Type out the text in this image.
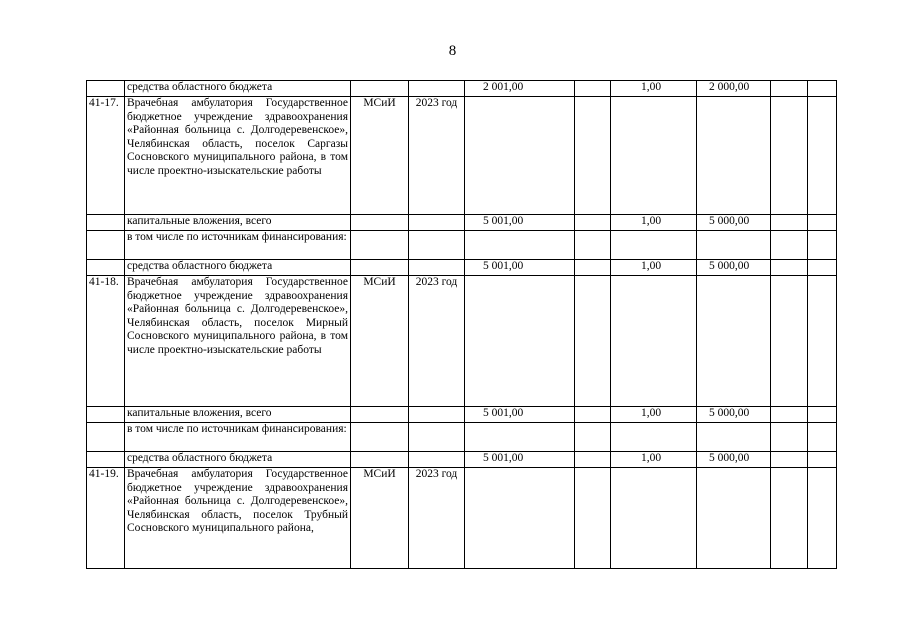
8
	средства областного бюджета			2 001,00		1,00	2 000,00		
41-17.	Врачебная амбулатория Государственное бюджетное учреждение здравоохранения «Районная больница с. Долгодеревенское», Челябинская область, поселок Саргазы Сосновского муниципального района, в том числе проектно-изыскательские работы	МСиИ	2023 год						
	капитальные вложения, всего			5 001,00		1,00	5 000,00		
	в том числе по источникам финансирования:								
	средства областного бюджета			5 001,00		1,00	5 000,00		
41-18.	Врачебная амбулатория Государственное бюджетное учреждение здравоохранения «Районная больница с. Долгодеревенское», Челябинская область, поселок Мирный Сосновского муниципального района, в том числе проектно-изыскательские работы	МСиИ	2023 год						
	капитальные вложения, всего			5 001,00		1,00	5 000,00		
	в том числе по источникам финансирования:								
	средства областного бюджета			5 001,00		1,00	5 000,00		
41-19.	Врачебная амбулатория Государственное бюджетное учреждение здравоохранения «Районная больница с. Долгодеревенское», Челябинская область, поселок Трубный Сосновского муниципального района,	МСиИ	2023 год						
